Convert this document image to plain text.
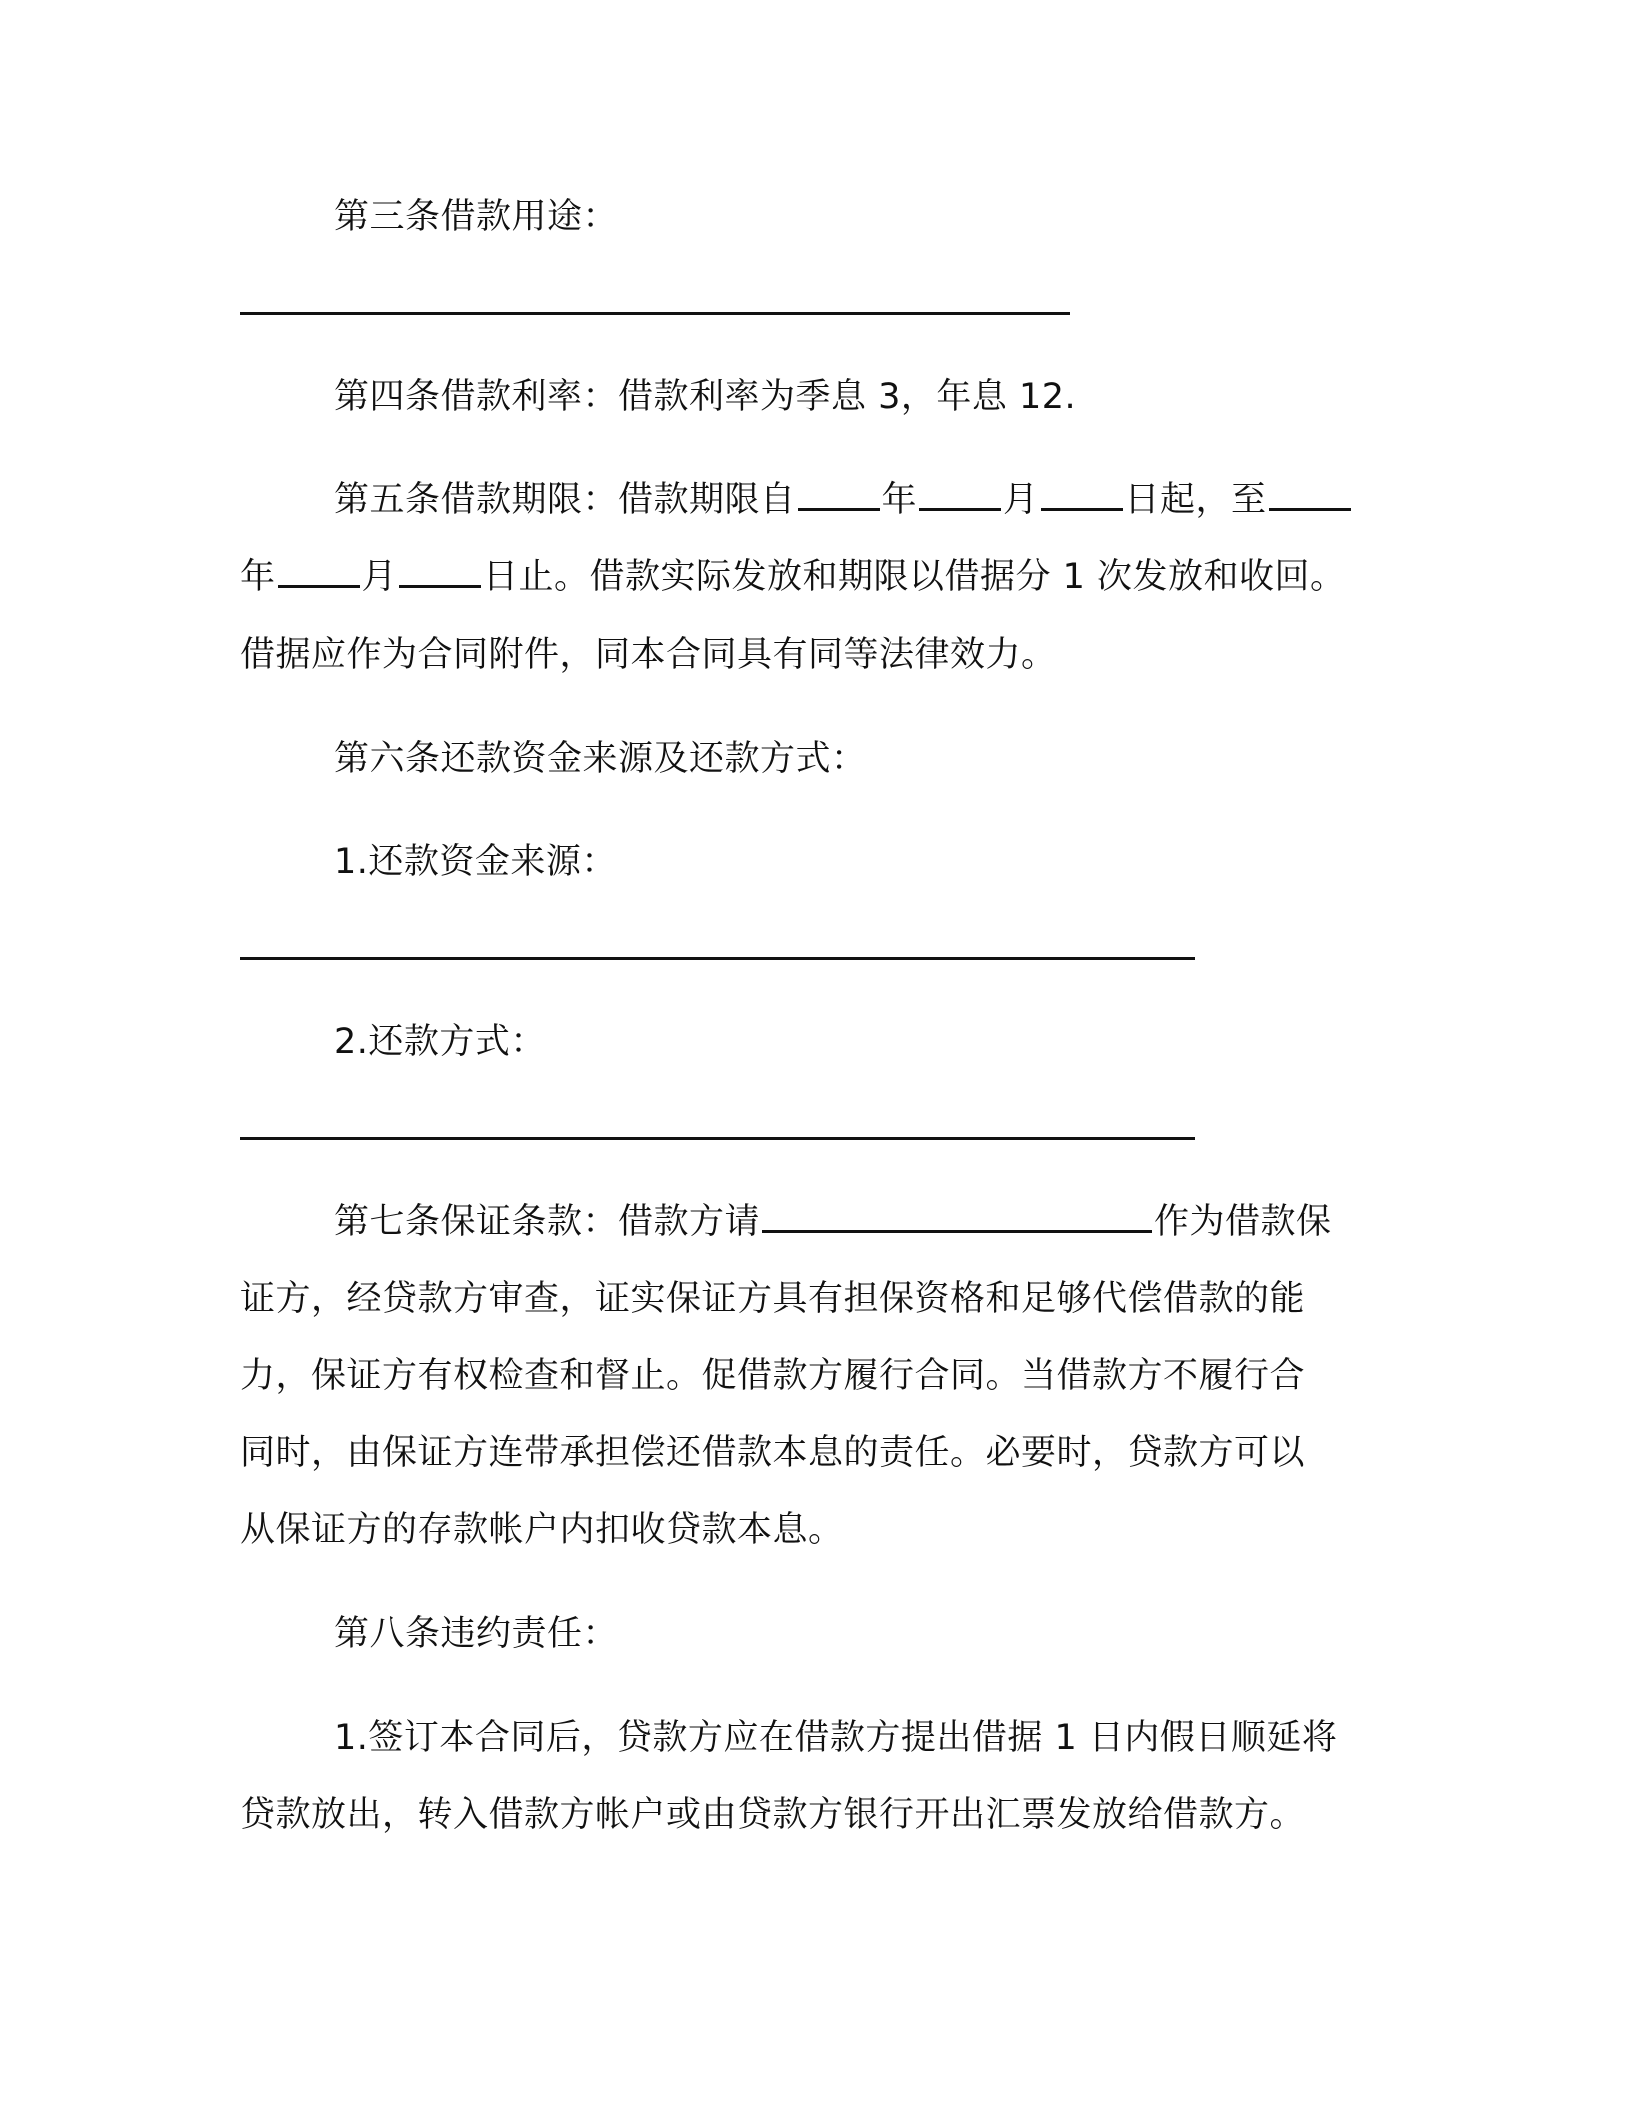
第三条借款用途：
第四条借款利率：借款利率为季息 3，年息 12.
第五条借款期限：借款期限自 年 月 日起，至
年 月 日止。借款实际发放和期限以借据分 1 次发放和收回。
借据应作为合同附件，同本合同具有同等法律效力。
第六条还款资金来源及还款方式：
1.还款资金来源：
2.还款方式：
第七条保证条款：借款方请	作为借款保
证方，经贷款方审查，证实保证方具有担保资格和足够代偿借款的能
力，保证方有权检查和督止。促借款方履行合同。当借款方不履行合
同时，由保证方连带承担偿还借款本息的责任。必要时，贷款方可以
从保证方的存款帐户内扣收贷款本息。
第八条违约责任：
1.签订本合同后，贷款方应在借款方提出借据 1 日内假日顺延将
贷款放出，转入借款方帐户或由贷款方银行开出汇票发放给借款方。
